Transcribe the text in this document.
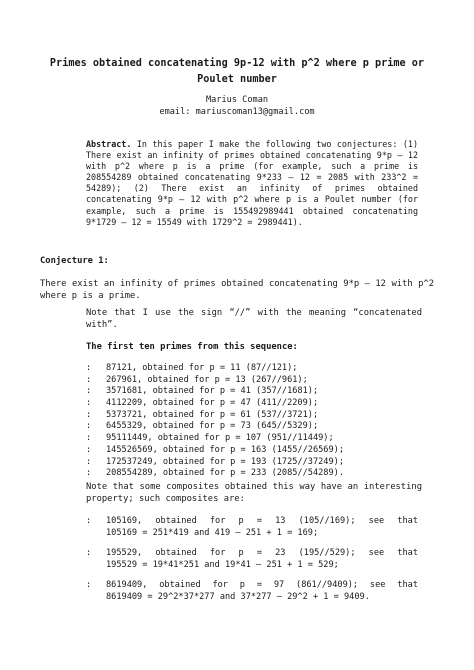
Primes obtained concatenating 9p-12 with p^2 where p prime or Poulet number
Marius Coman
email: mariuscoman13@gmail.com

Abstract. In this paper I make the following two conjectures: (1) There exist an infinity of primes obtained concatenating 9*p – 12 with p^2 where p is a prime (for example, such a prime is 208554289 obtained concatenating 9*233 – 12 = 2085 with 233^2 = 54289); (2) There exist an infinity of primes obtained concatenating 9*p – 12 with p^2 where p is a Poulet number (for example, such a prime is 155492989441 obtained concatenating 9*1729 – 12 = 15549 with 1729^2 = 2989441).

Conjecture 1:

There exist an infinity of primes obtained concatenating 9*p – 12 with p^2 where p is a prime.

Note that I use the sign “//” with the meaning “concatenated with”.

The first ten primes from this sequence:
: 87121, obtained for p = 11 (87//121);
: 267961, obtained for p = 13 (267//961);
: 3571681, obtained for p = 41 (357//1681);
: 4112209, obtained for p = 47 (411//2209);
: 5373721, obtained for p = 61 (537//3721);
: 6455329, obtained for p = 73 (645//5329);
: 95111449, obtained for p = 107 (951//11449);
: 145526569, obtained for p = 163 (1455//26569);
: 172537249, obtained for p = 193 (1725//37249);
: 208554289, obtained for p = 233 (2085//54289).

Note that some composites obtained this way have an interesting property; such composites are:

: 105169, obtained for p = 13 (105//169); see that
105169 = 251*419 and 419 – 251 + 1 = 169;
: 195529, obtained for p = 23 (195//529); see that
195529 = 19*41*251 and 19*41 – 251 + 1 = 529;
: 8619409, obtained for p = 97 (861//9409); see that
8619409 = 29^2*37*277 and 37*277 – 29^2 + 1 = 9409.
